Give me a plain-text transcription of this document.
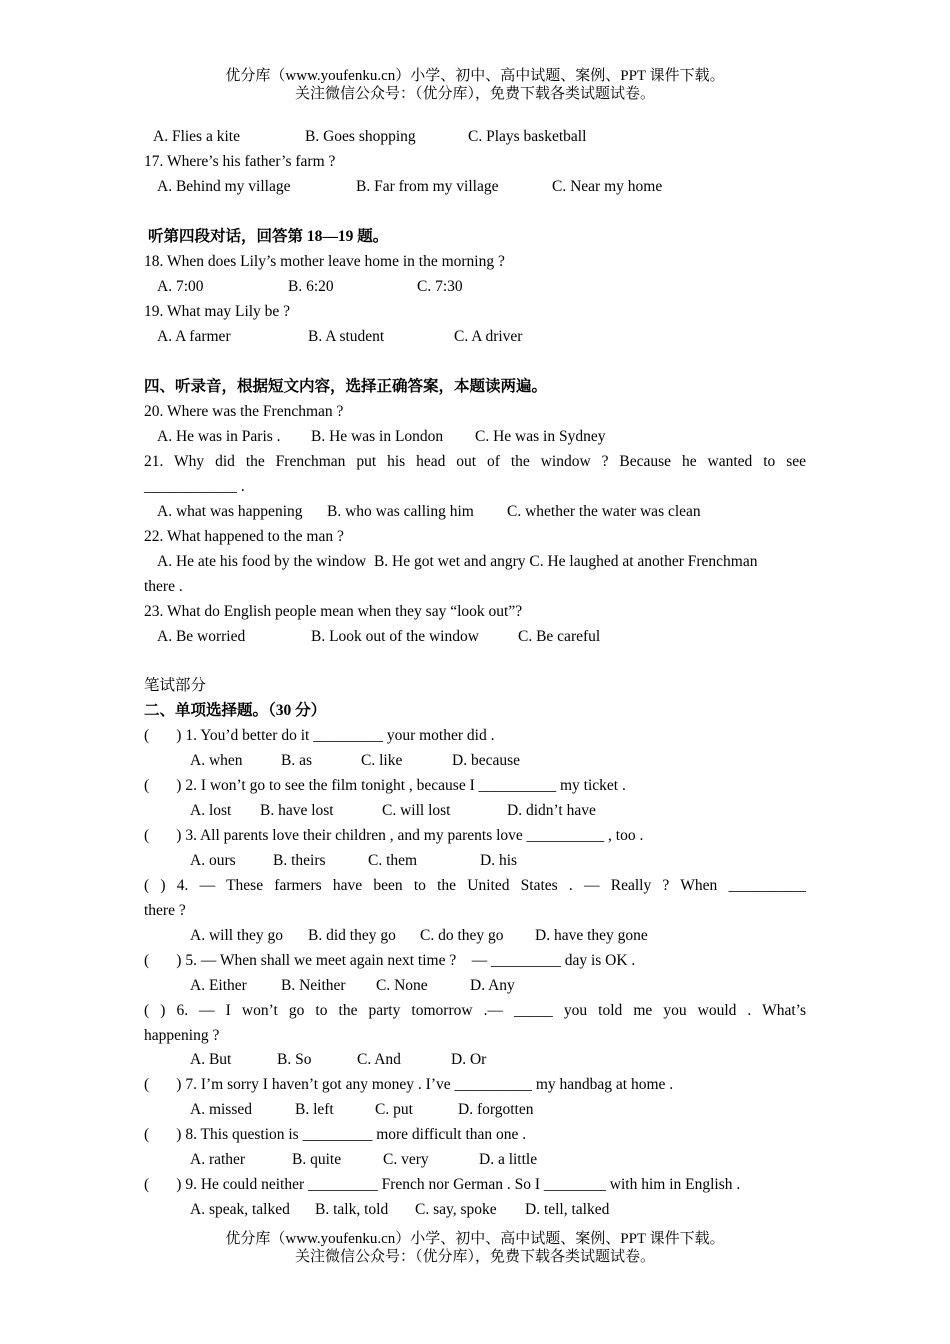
优分库（www.youfenku.cn）小学、初中、高中试题、案例、PPT 课件下载。
关注微信公众号：（优分库），免费下载各类试题试卷。
A. Flies a kite	B. Goes shopping	C. Plays basketball
17. Where’s his father’s farm ?
A. Behind my village	B. Far from my village	C. Near my home
听第四段对话，回答第 18—19 题。
18. When does Lily’s mother leave home in the morning ?
A. 7:00	B. 6:20	C. 7:30
19. What may Lily be ?
A. A farmer	B. A student	C. A driver
四、听录音，根据短文内容，选择正确答案，本题读两遍。
20. Where was the Frenchman ?
A. He was in Paris . B. He was in London C. He was in Sydney
21. Why did the Frenchman put his head out of the window ? Because he wanted to see
____________ .
A. what was happening B. who was calling him C. whether the water was clean
22. What happened to the man ?
A. He ate his food by the window  B. He got wet and angry C. He laughed at another Frenchman
there .
23. What do English people mean when they say “look out”?
A. Be worried	B. Look out of the window	C. Be careful
笔试部分
二、单项选择题。（30 分）
(       ) 1. You’d better do it _________ your mother did .
A. when B. as	C. like	D. because
(       ) 2. I won’t go to see the film tonight , because I __________ my ticket .
A. lost B. have lost	C. will lost	D. didn’t have
(       ) 3. All parents love their children , and my parents love __________ , too .
A. ours B. theirs	C. them	D. his
( ) 4. — These farmers have been to the United States . — Really ? When __________
there ?
A. will they go B. did they go C. do they go D. have they gone
(       ) 5. — When shall we meet again next time ?    — _________ day is OK .
A. Either B. Neither C. None	D. Any
( ) 6. — I won’t go to the party tomorrow .— _____ you told me you would . What’s
happening ?
A. But	B. So	C. And	D. Or
(       ) 7. I’m sorry I haven’t got any money . I’ve __________ my handbag at home .
A. missed	B. left	C. put	D. forgotten
(       ) 8. This question is _________ more difficult than one .
A. rather	B. quite	C. very	D. a little
(       ) 9. He could neither _________ French nor German . So I ________ with him in English .
A. speak, talked B. talk, told C. say, spoke D. tell, talked
优分库（www.youfenku.cn）小学、初中、高中试题、案例、PPT 课件下载。
关注微信公众号：（优分库），免费下载各类试题试卷。
